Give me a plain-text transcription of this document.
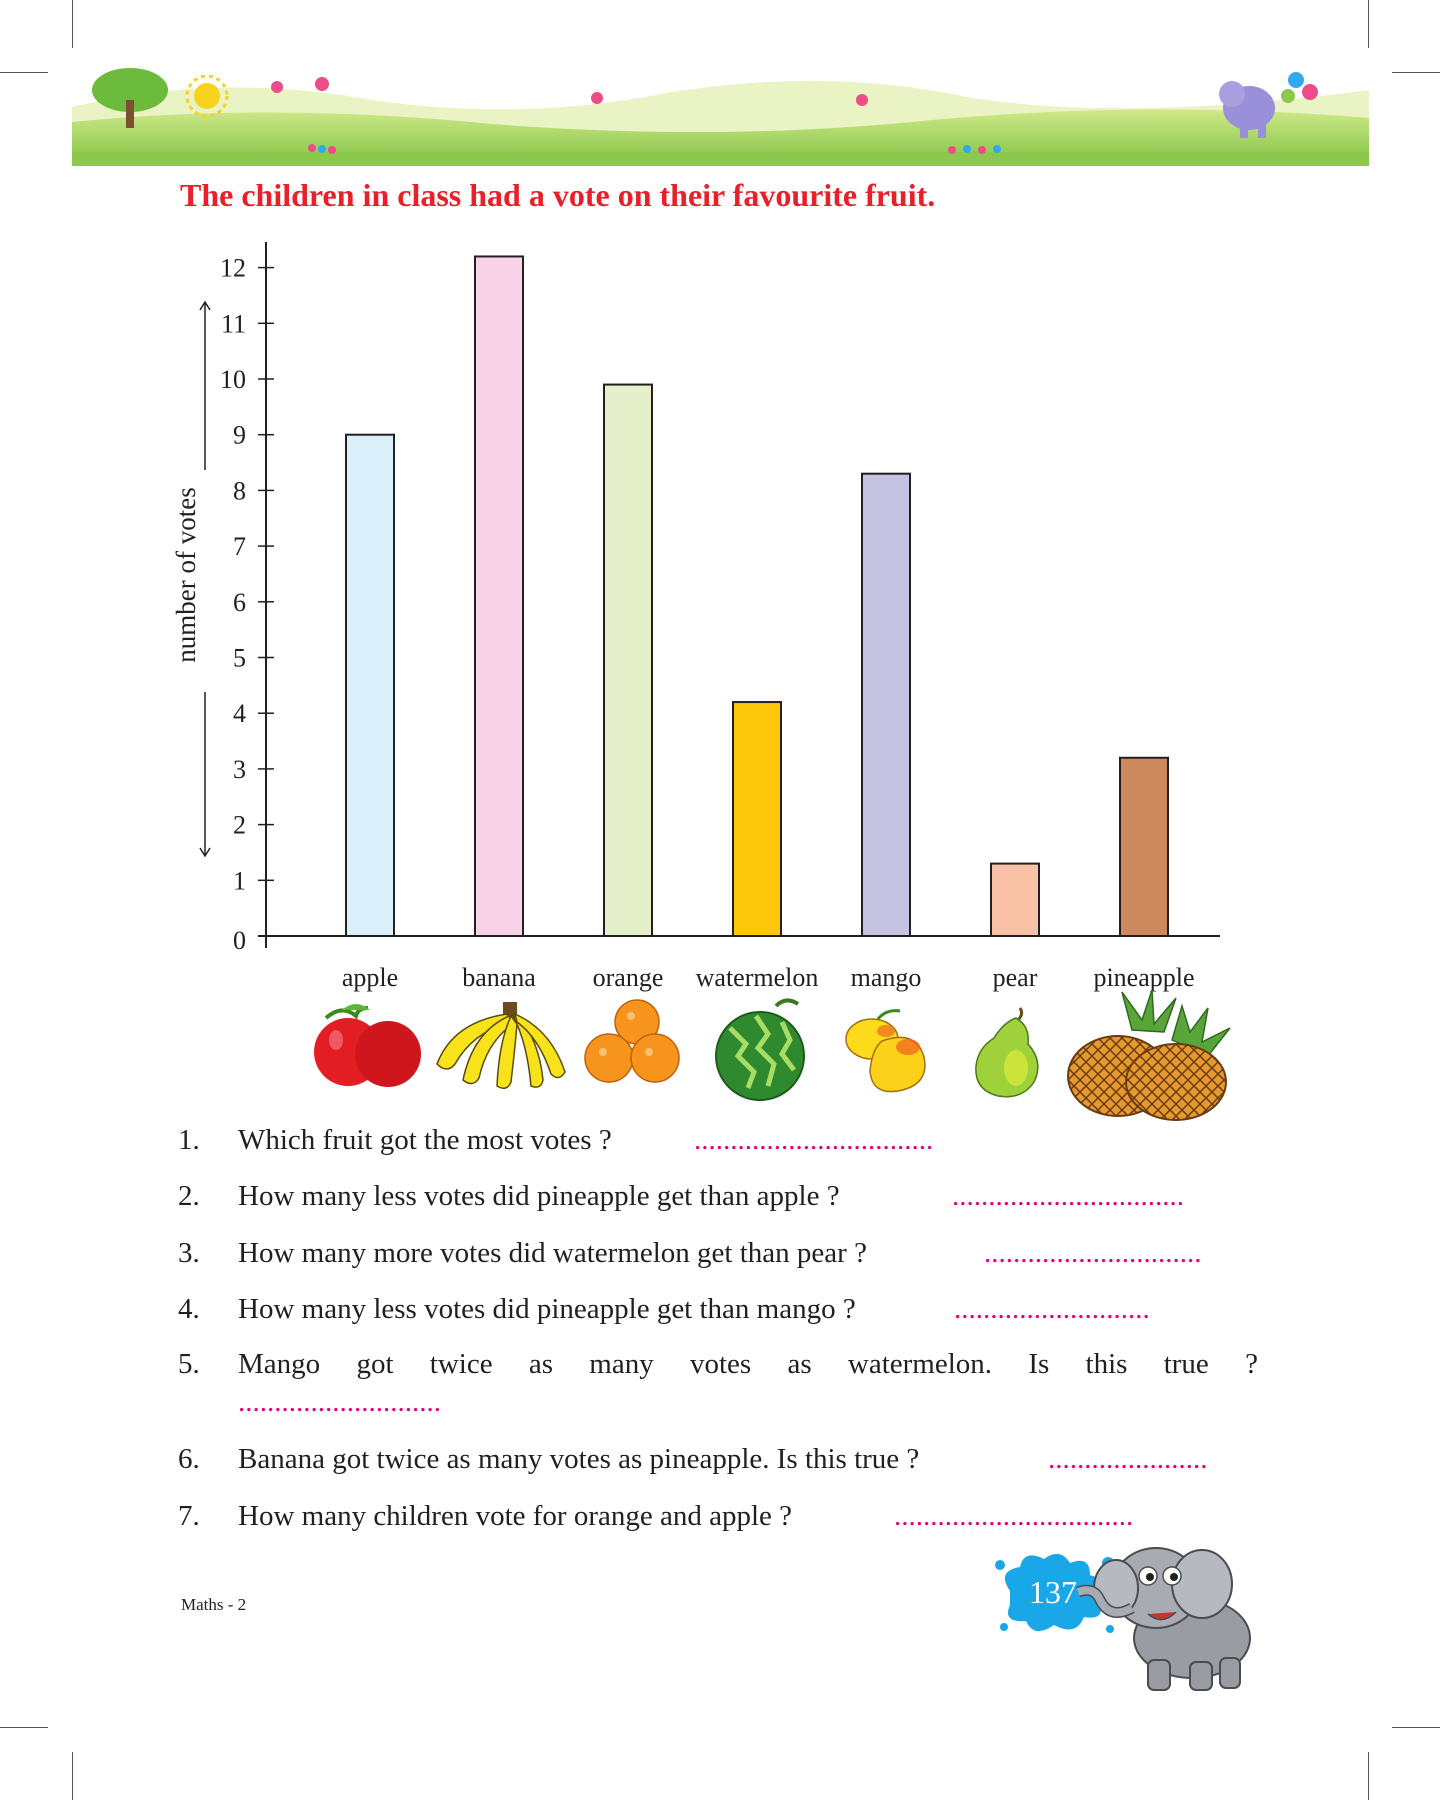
The children in class had a vote on their favourite fruit.
0
1
2
3
4
5
6
7
8
9
10
11
12
apple banana orange watermelon mango	pear pineapple
number of votes
1. Which fruit got the most votes ?	.................................
2. How many less votes did pineapple get than apple ?	................................
3. How many more votes did watermelon get than pear ?	..............................
4. How many less votes did pineapple get than mango ?	...........................
5. Mango got twice as many votes as watermelon. Is this true ?
............................
6. Banana got twice as many votes as pineapple. Is this true ?	......................
7. How many children vote for orange and apple ?	.................................
Maths - 2	137
